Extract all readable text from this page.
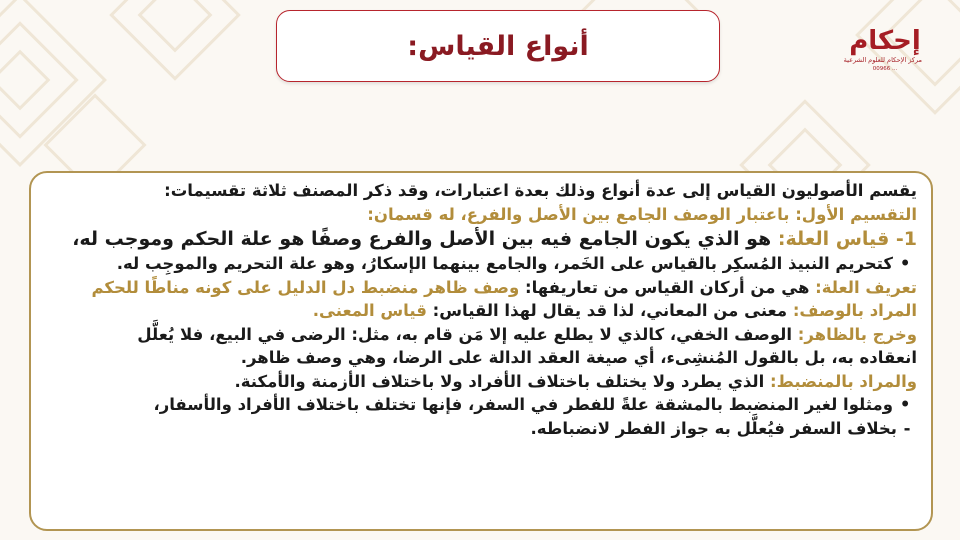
إحكام
مركز الإحكام للعلوم الشرعية
00966 ...
أنواع القياس:
يقسم الأصوليون القياس إلى عدة أنواع وذلك بعدة اعتبارات، وقد ذكر المصنف ثلاثة تقسيمات:
التقسيم الأول: باعتبار الوصف الجامع بين الأصل والفرع، له قسمان:
1- قياس العلة: هو الذي يكون الجامع فيه بين الأصل والفرع وصفًا هو علة الحكم وموجب له،
•كتحريم النبيذ المُسكِر بالقياس على الخَمر، والجامع بينهما الإسكارُ، وهو علة التحريم والموجِب له.
تعريف العلة: هي من أركان القياس من تعاريفها: وصف ظاهر منضبط دل الدليل على كونه مناطًا للحكم
المراد بالوصف: معنى من المعاني، لذا قد يقال لهذا القياس: قياس المعنى.
وخرج بالظاهر: الوصف الخفي، كالذي لا يطلع عليه إلا مَن قام به، مثل: الرضى في البيع، فلا يُعلَّل
انعقاده به، بل بالقول المُنشِىء، أي صيغة العقد الدالة على الرضا، وهي وصف ظاهر.
والمراد بالمنضبط: الذي يطرد ولا يختلف باختلاف الأفراد ولا باختلاف الأزمنة والأمكنة.
•ومثلوا لغير المنضبط بالمشقة علةً للفطر في السفر، فإنها تختلف باختلاف الأفراد والأسفار،
-بخلاف السفر فيُعلَّل به جواز الفطر لانضباطه.
